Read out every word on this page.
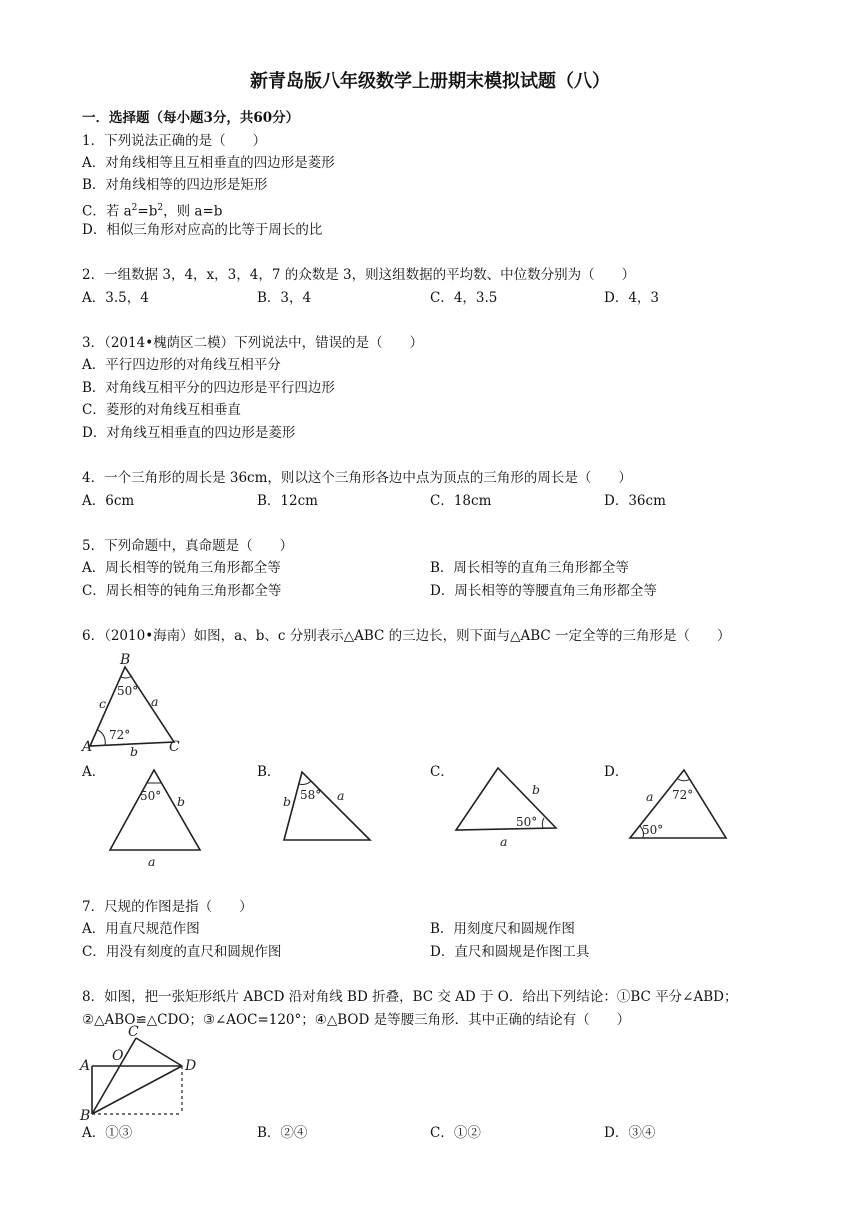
新青岛版八年级数学上册期末模拟试题（八）
一．选择题（每小题3分，共60分）
1．下列说法正确的是（　　）
A．对角线相等且互相垂直的四边形是菱形
B．对角线相等的四边形是矩形
C．若 $a^2=b^2$，则 a=b
D．相似三角形对应高的比等于周长的比
2．一组数据 3，4，x，3，4，7 的众数是 3，则这组数据的平均数、中位数分别为（　　）
A．3.5，4	B．3，4	C．4，3.5	D．4，3
3．（2014•槐荫区二模）下列说法中，错误的是（　　）
A．平行四边形的对角线互相平分
B．对角线互相平分的四边形是平行四边形
C．菱形的对角线互相垂直
D．对角线互相垂直的四边形是菱形
4．一个三角形的周长是 36cm，则以这个三角形各边中点为顶点的三角形的周长是（　　）
A．6cm	B．12cm	C．18cm	D．36cm
5．下列命题中，真命题是（　　）
A．周长相等的锐角三角形都全等	B．周长相等的直角三角形都全等
C．周长相等的钝角三角形都全等	D．周长相等的等腰直角三角形都全等
6．（2010•海南）如图，a、b、c 分别表示△ABC 的三边长，则下面与△ABC 一定全等的三角形是（　　）
B
A	C
c	a
b
50°
72°
A．	B．	C．	D．
50° b
a
58°
b	a
50°
b
a
72°
50°
a
7．尺规的作图是指（　　）
A．用直尺规范作图	B．用刻度尺和圆规作图
C．用没有刻度的直尺和圆规作图	D．直尺和圆规是作图工具
8．如图，把一张矩形纸片 ABCD 沿对角线 BD 折叠，BC 交 AD 于 O．给出下列结论：①BC 平分∠ABD；
②△ABO≌△CDO；③∠AOC=120°；④△BOD 是等腰三角形．其中正确的结论有（　　）
A
B
C
D
O
A．①③	B．②④	C．①②	D．③④
